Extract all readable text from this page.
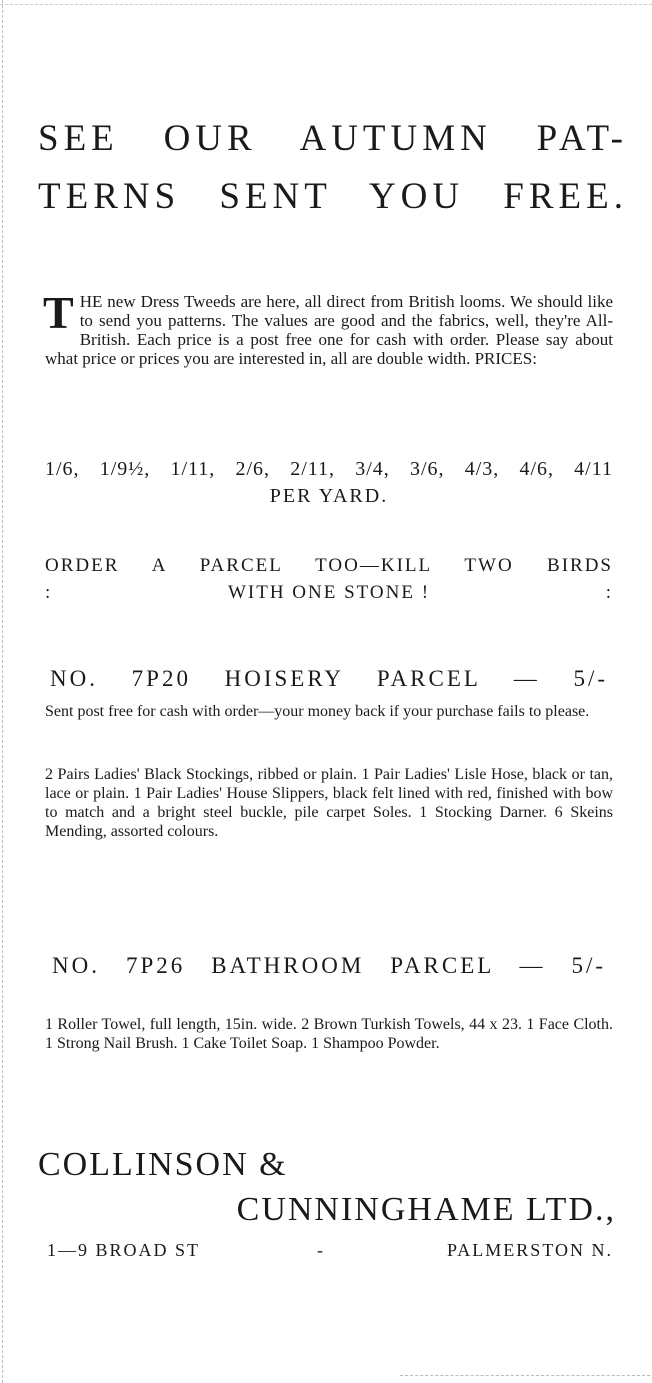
SEE OUR AUTUMN PAT-
TERNS SENT YOU FREE.
T HE new Dress Tweeds are here, all direct from British looms. We should like to send you patterns. The values are good and the fabrics, well, they're All-British. Each price is a post free one for cash with order. Please say about what price or prices you are interested in, all are double width. PRICES:
1/6, 1/9½, 1/11, 2/6, 2/11, 3/4, 3/6, 4/3, 4/6, 4/11
PER YARD.
ORDER A PARCEL TOO—KILL TWO BIRDS
:	WITH ONE STONE !	:
NO. 7P20 HOISERY PARCEL — 5/-
Sent post free for cash with order—your money back if your purchase fails to please.
2 Pairs Ladies' Black Stockings, ribbed or plain. 1 Pair Ladies' Lisle Hose, black or tan, lace or plain. 1 Pair Ladies' House Slippers, black felt lined with red, finished with bow to match and a bright steel buckle, pile carpet Soles. 1 Stocking Darner. 6 Skeins Mending, assorted colours.
NO. 7P26 BATHROOM PARCEL — 5/-
1 Roller Towel, full length, 15in. wide. 2 Brown Turkish Towels, 44 x 23. 1 Face Cloth. 1 Strong Nail Brush. 1 Cake Toilet Soap. 1 Shampoo Powder.
COLLINSON &
CUNNINGHAME LTD.,
1—9 BROAD ST	-	PALMERSTON N.
